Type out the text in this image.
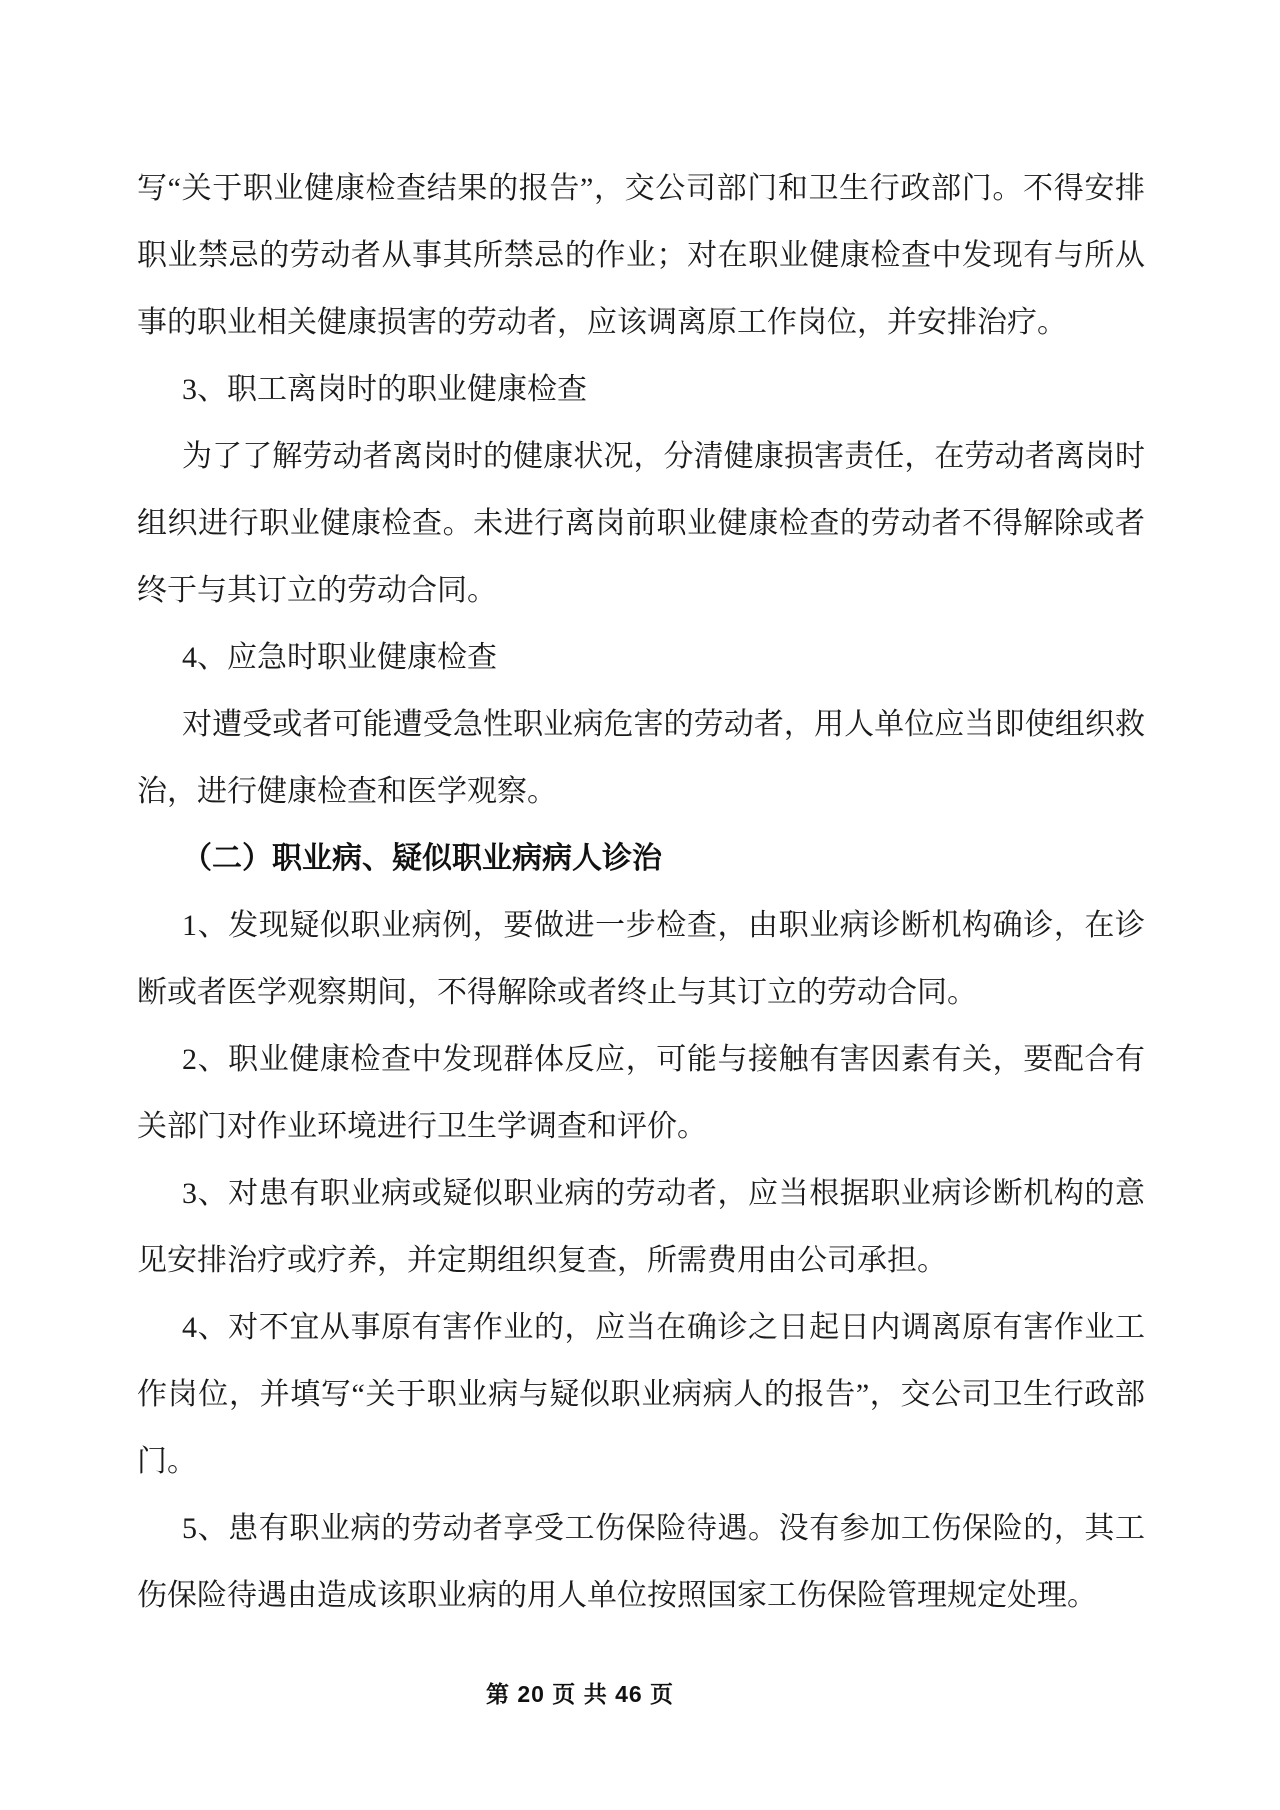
写“关于职业健康检查结果的报告”，交公司部门和卫生行政部门。不得安排职业禁忌的劳动者从事其所禁忌的作业；对在职业健康检查中发现有与所从事的职业相关健康损害的劳动者，应该调离原工作岗位，并安排治疗。

3、职工离岗时的职业健康检查

为了了解劳动者离岗时的健康状况，分清健康损害责任，在劳动者离岗时组织进行职业健康检查。未进行离岗前职业健康检查的劳动者不得解除或者终于与其订立的劳动合同。

4、应急时职业健康检查

对遭受或者可能遭受急性职业病危害的劳动者，用人单位应当即使组织救治，进行健康检查和医学观察。

（二）职业病、疑似职业病病人诊治

1、发现疑似职业病例，要做进一步检查，由职业病诊断机构确诊，在诊断或者医学观察期间，不得解除或者终止与其订立的劳动合同。

2、职业健康检查中发现群体反应，可能与接触有害因素有关，要配合有关部门对作业环境进行卫生学调查和评价。

3、对患有职业病或疑似职业病的劳动者，应当根据职业病诊断机构的意见安排治疗或疗养，并定期组织复查，所需费用由公司承担。

4、对不宜从事原有害作业的，应当在确诊之日起日内调离原有害作业工作岗位，并填写“关于职业病与疑似职业病病人的报告”，交公司卫生行政部门。

5、患有职业病的劳动者享受工伤保险待遇。没有参加工伤保险的，其工伤保险待遇由造成该职业病的用人单位按照国家工伤保险管理规定处理。

第 20 页 共 46 页
